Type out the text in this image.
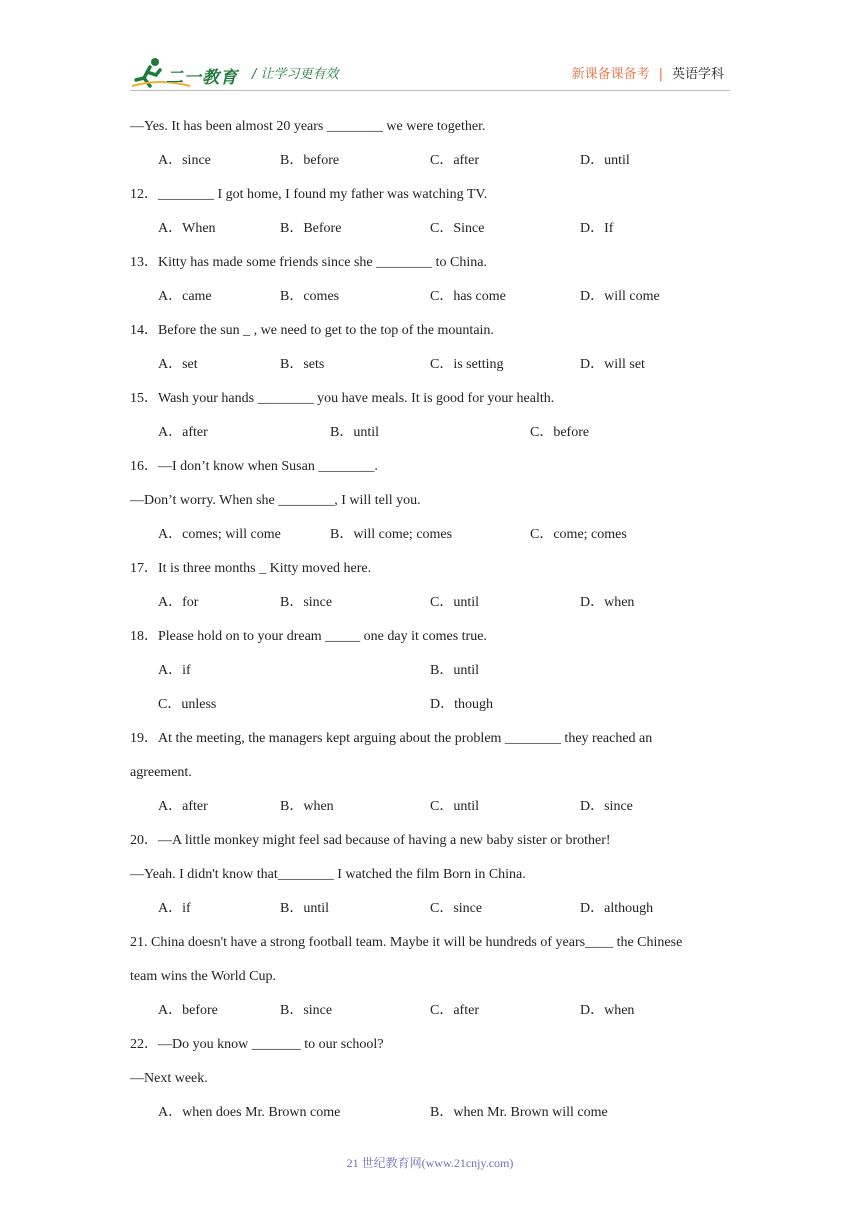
二一教育 / 让学习更有效	新课备课备考 | 英语学科
—Yes. It has been almost 20 years ________ we were together.
A．since	B．before	C．after	D．until
12．________ I got home, I found my father was watching TV.
A．When	B．Before	C．Since	D．If
13．Kitty has made some friends since she ________ to China.
A．came	B．comes	C．has come	D．will come
14．Before the sun _ , we need to get to the top of the mountain.
A．set	B．sets	C．is setting	D．will set
15．Wash your hands ________ you have meals. It is good for your health.
A．after	B．until	C．before
16．—I don’t know when Susan ________.
—Don’t worry. When she ________, I will tell you.
A．comes; will come	B．will come; comes	C．come; comes
17．It is three months _ Kitty moved here.
A．for	B．since	C．until	D．when
18．Please hold on to your dream _____ one day it comes true.
A．if	B．until
C．unless	D．though
19．At the meeting, the managers kept arguing about the problem ________ they reached an
agreement.
A．after	B．when	C．until	D．since
20．—A little monkey might feel sad because of having a new baby sister or brother!
—Yeah. I didn't know that________ I watched the film Born in China.
A．if	B．until	C．since	D．although
21. China doesn't have a strong football team. Maybe it will be hundreds of years____ the Chinese
team wins the World Cup.
A．before	B．since	C．after	D．when
22．—Do you know _______ to our school?
—Next week.
A．when does Mr. Brown come	B．when Mr. Brown will come
21 世纪教育网(www.21cnjy.com)
